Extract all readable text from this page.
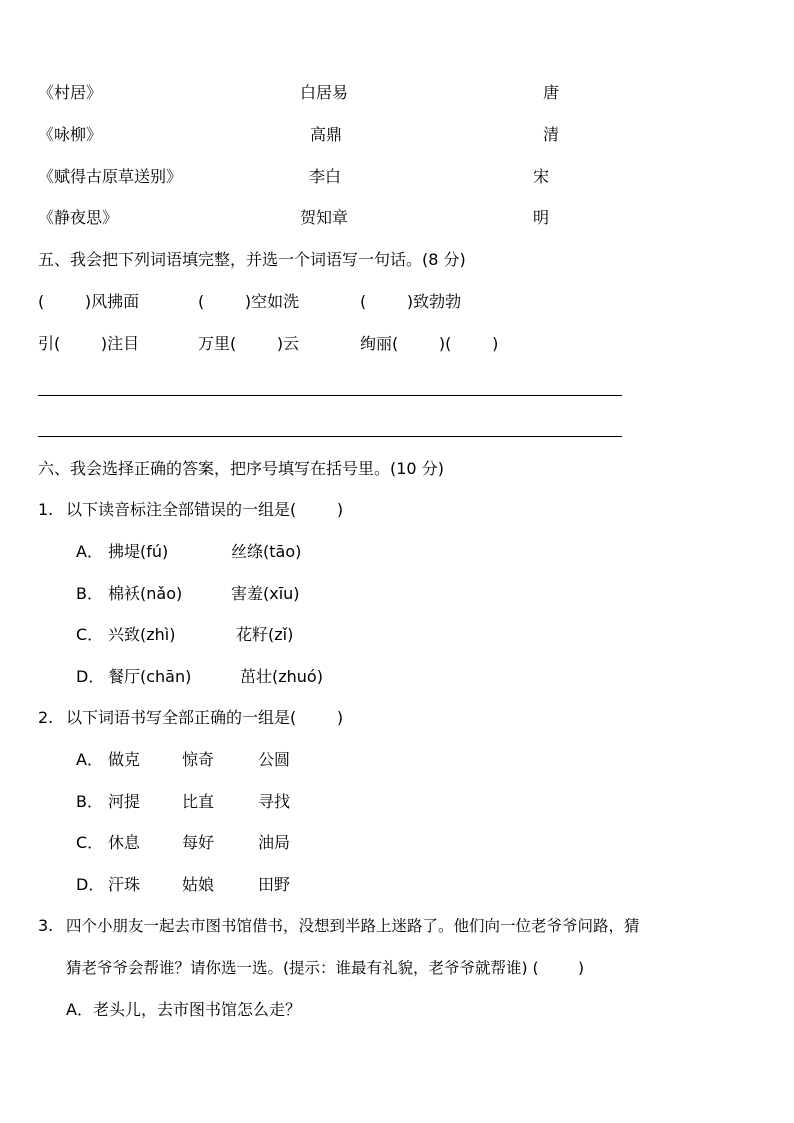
《村居》	白居易	唐
《咏柳》	高鼎	清
《赋得古原草送别》	李白	宋
《静夜思》	贺知章	明
五、我会把下列词语填完整，并选一个词语写一句话。(8 分)
(        )风拂面	(        )空如洗	(        )致勃勃
引(        )注目	万里(        )云	绚丽(        )(        )
六、我会选择正确的答案，把序号填写在括号里。(10 分)
1. 以下读音标注全部错误的一组是(        )
A． 拂堤(fú)	丝绦(tāo)
B． 棉袄(nǎo)	害羞(xīu)
C． 兴致(zhì)	花籽(zǐ)
D． 餐厅(chān)	茁壮(zhuó)
2. 以下词语书写全部正确的一组是(        )
A． 做克	惊奇	公圆
B． 河提	比直	寻找
C． 休息	每好	油局
D． 汗珠	姑娘	田野
3. 四个小朋友一起去市图书馆借书，没想到半路上迷路了。他们向一位老爷爷问路，猜
猜老爷爷会帮谁？请你选一选。(提示：谁最有礼貌，老爷爷就帮谁) (        )
A．老头儿，去市图书馆怎么走？
